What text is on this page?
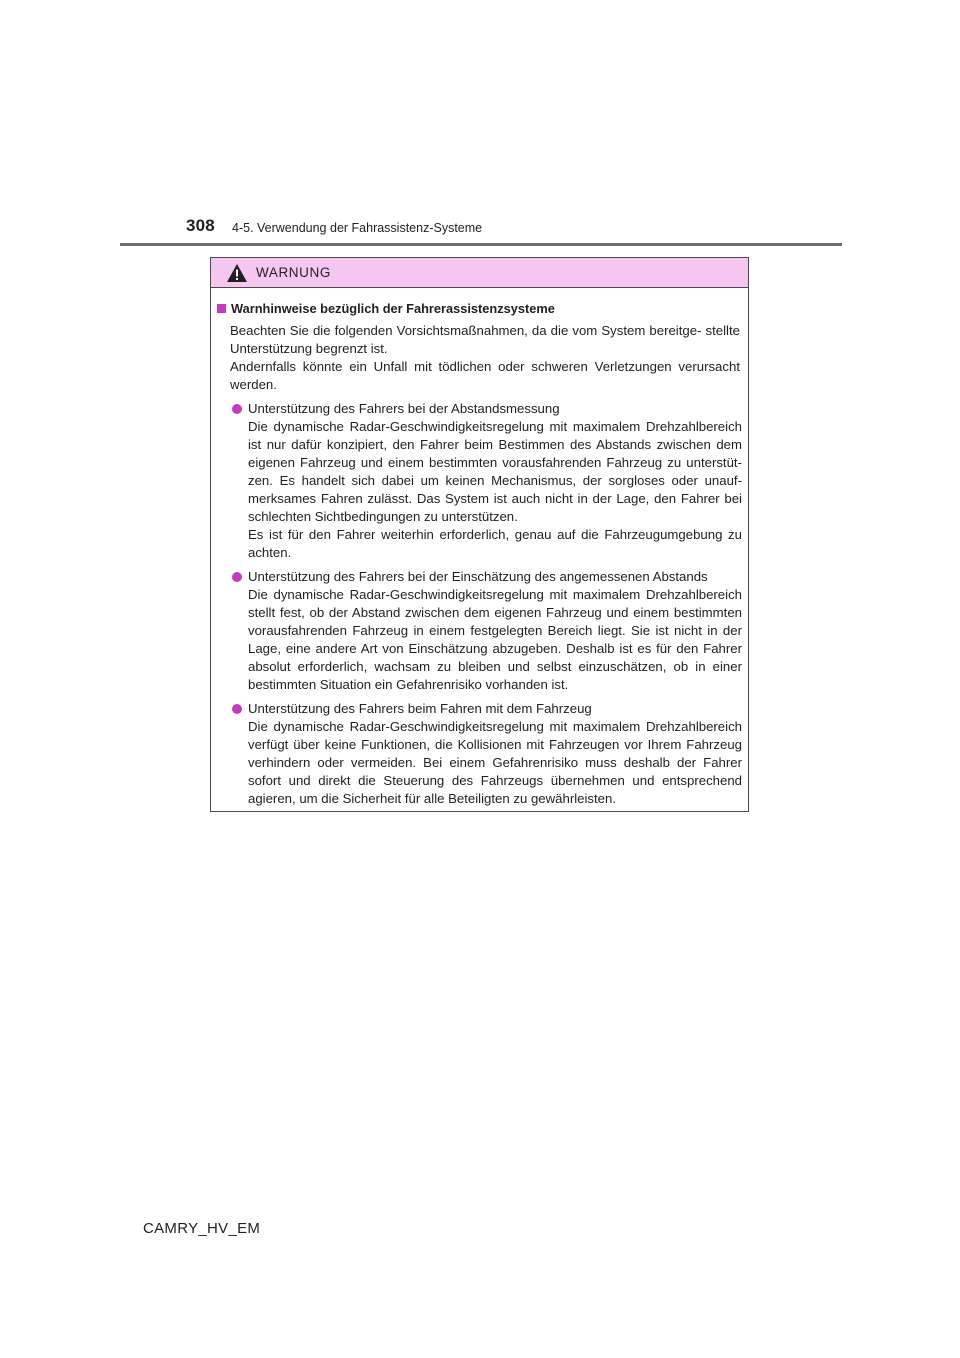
308 4-5. Verwendung der Fahrassistenz-Systeme
WARNUNG
Warnhinweise bezüglich der Fahrerassistenzsysteme

Beachten Sie die folgenden Vorsichtsmaßnahmen, da die vom System bereitge- stellte Unterstützung begrenzt ist.

Andernfalls könnte ein Unfall mit tödlichen oder schweren Verletzungen verursacht werden.

Unterstützung des Fahrers bei der Abstandsmessung

Die dynamische Radar-Geschwindigkeitsregelung mit maximalem Drehzahlbereich ist nur dafür konzipiert, den Fahrer beim Bestimmen des Abstands zwischen dem eigenen Fahrzeug und einem bestimmten vorausfahrenden Fahrzeug zu unterstüt- zen. Es handelt sich dabei um keinen Mechanismus, der sorgloses oder unauf- merksames Fahren zulässt. Das System ist auch nicht in der Lage, den Fahrer bei schlechten Sichtbedingungen zu unterstützen.

Es ist für den Fahrer weiterhin erforderlich, genau auf die Fahrzeugumgebung zu achten.

Unterstützung des Fahrers bei der Einschätzung des angemessenen Abstands

Die dynamische Radar-Geschwindigkeitsregelung mit maximalem Drehzahlbereich stellt fest, ob der Abstand zwischen dem eigenen Fahrzeug und einem bestimmten vorausfahrenden Fahrzeug in einem festgelegten Bereich liegt. Sie ist nicht in der Lage, eine andere Art von Einschätzung abzugeben. Deshalb ist es für den Fahrer absolut erforderlich, wachsam zu bleiben und selbst einzuschätzen, ob in einer bestimmten Situation ein Gefahrenrisiko vorhanden ist.

Unterstützung des Fahrers beim Fahren mit dem Fahrzeug

Die dynamische Radar-Geschwindigkeitsregelung mit maximalem Drehzahlbereich verfügt über keine Funktionen, die Kollisionen mit Fahrzeugen vor Ihrem Fahrzeug verhindern oder vermeiden. Bei einem Gefahrenrisiko muss deshalb der Fahrer sofort und direkt die Steuerung des Fahrzeugs übernehmen und entsprechend agieren, um die Sicherheit für alle Beteiligten zu gewährleisten.

CAMRY_HV_EM
